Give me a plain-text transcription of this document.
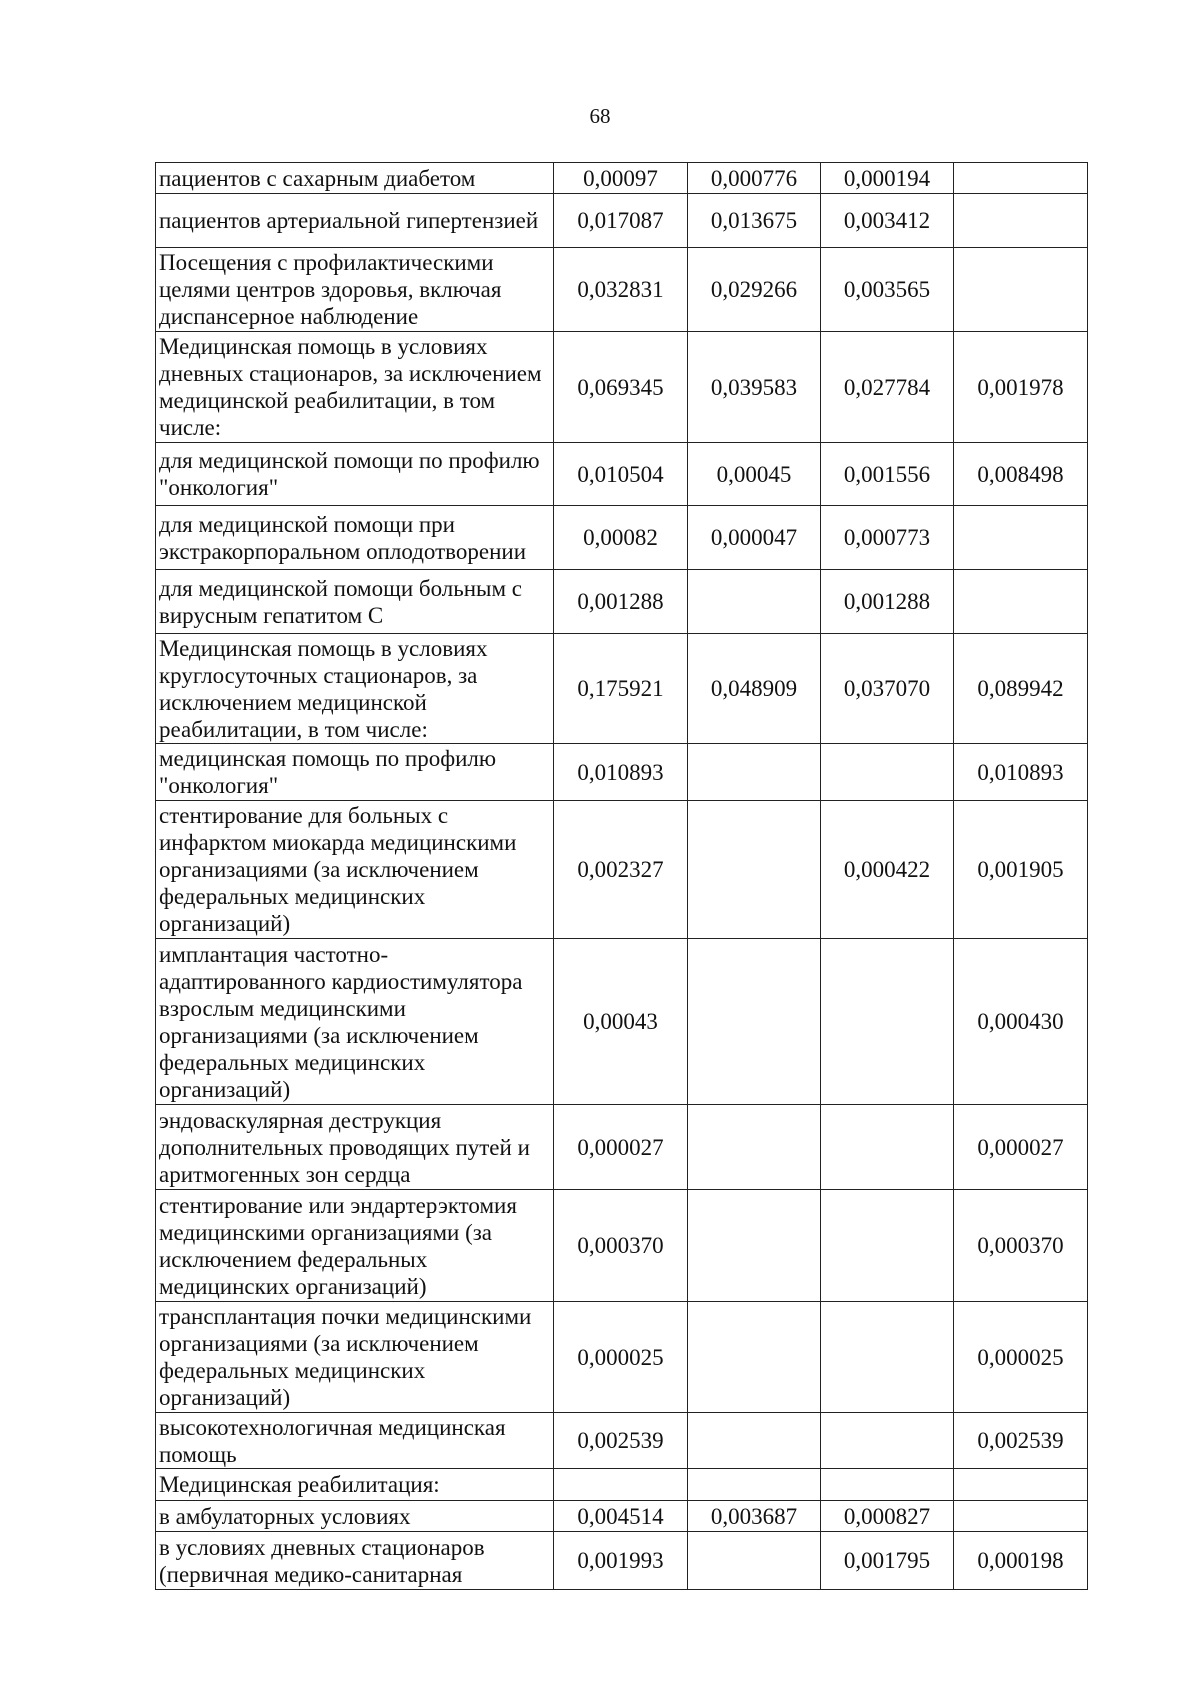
68
пациентов с сахарным диабетом	0,00097	0,000776	0,000194	
пациентов артериальной гипертензией	0,017087	0,013675	0,003412	
Посещения с профилактическими целями центров здоровья, включая диспансерное наблюдение	0,032831	0,029266	0,003565	
Медицинская помощь в условиях дневных стационаров, за исключением медицинской реабилитации, в том числе:	0,069345	0,039583	0,027784	0,001978
для медицинской помощи по профилю "онкология"	0,010504	0,00045	0,001556	0,008498
для медицинской помощи при экстракорпоральном оплодотворении	0,00082	0,000047	0,000773	
для медицинской помощи больным с вирусным гепатитом С	0,001288		0,001288	
Медицинская помощь в условиях круглосуточных стационаров, за исключением медицинской реабилитации, в том числе:	0,175921	0,048909	0,037070	0,089942
медицинская помощь по профилю "онкология"	0,010893			0,010893
стентирование для больных с инфарктом миокарда медицинскими организациями (за исключением федеральных медицинских организаций)	0,002327		0,000422	0,001905
имплантация частотно-адаптированного кардиостимулятора взрослым медицинскими организациями (за исключением федеральных медицинских организаций)	0,00043			0,000430
эндоваскулярная деструкция дополнительных проводящих путей и аритмогенных зон сердца	0,000027			0,000027
стентирование или эндартерэктомия медицинскими организациями (за исключением федеральных медицинских организаций)	0,000370			0,000370
трансплантация почки медицинскими организациями (за исключением федеральных медицинских организаций)	0,000025			0,000025
высокотехнологичная медицинская помощь	0,002539			0,002539
Медицинская реабилитация:				
в амбулаторных условиях	0,004514	0,003687	0,000827	
в условиях дневных стационаров (первичная медико-санитарная	0,001993		0,001795	0,000198
